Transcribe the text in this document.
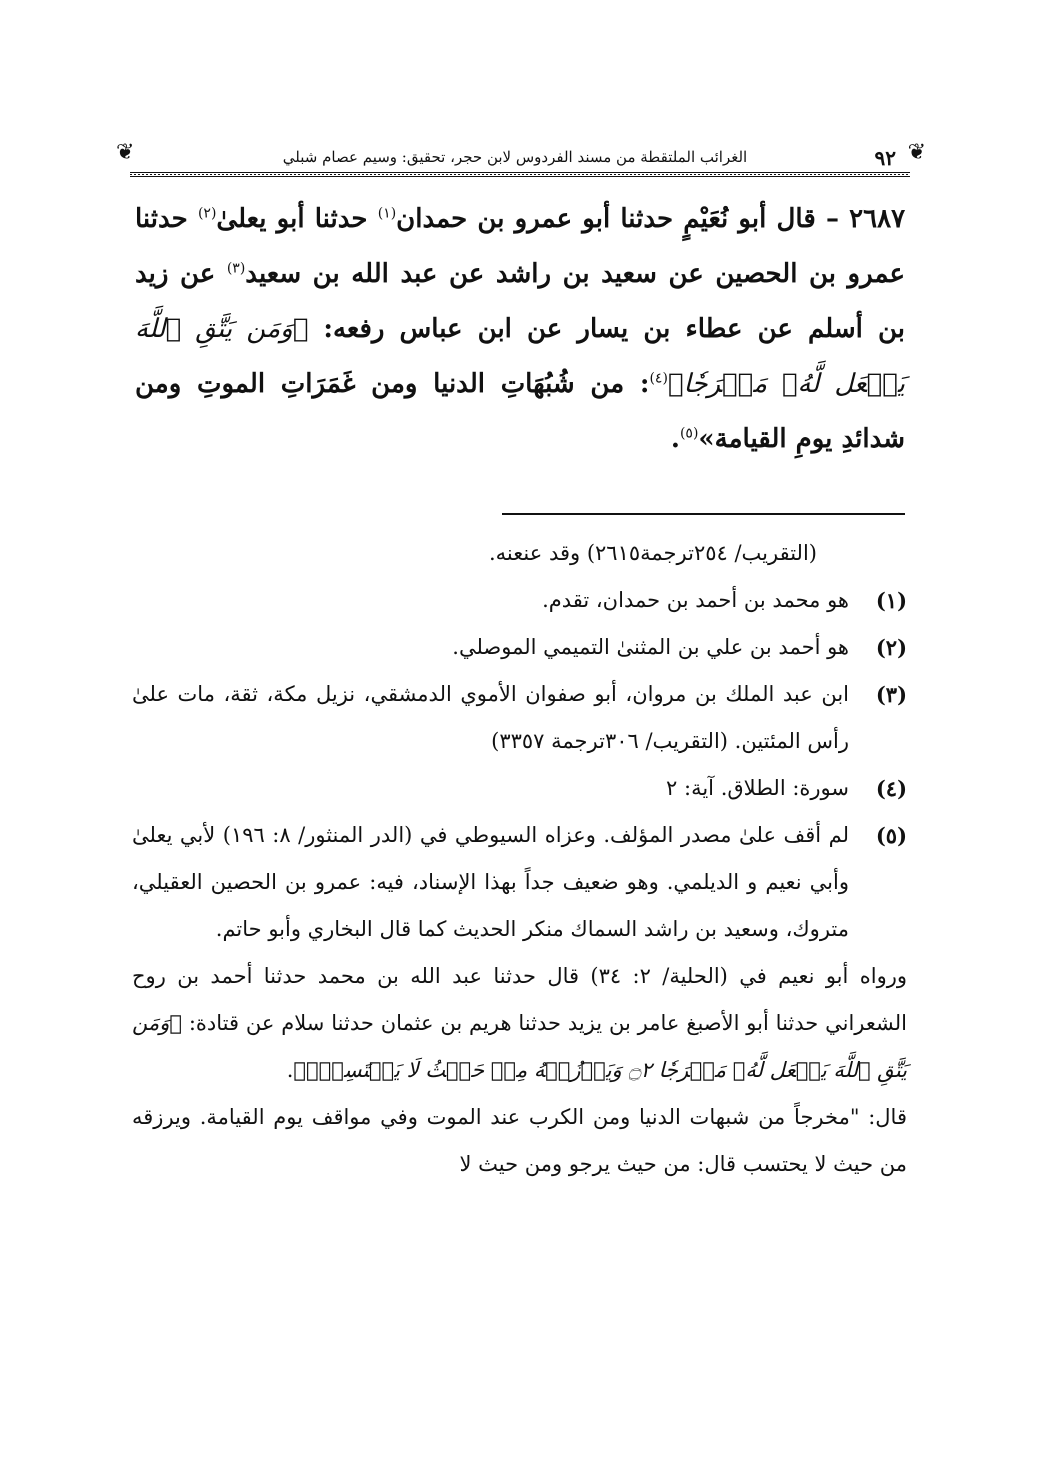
❦
٩٢
الغرائب الملتقطة من مسند الفردوس لابن حجر، تحقيق: وسيم عصام شبلي
❦

٢٦٨٧ – قال أبو نُعَيْمٍ حدثنا أبو عمرو بن حمدان$^{(١)}$ حدثنا أبو يعلىٰ$^{(٢)}$ حدثنا عمرو بن الحصين عن سعيد بن راشد عن عبد الله بن سعيد$^{(٣)}$ عن زيد بن أسلم عن عطاء بن يسار عن ابن عباس رفعه: ﴿وَمَن يَتَّقِ ٱللَّهَ يَجۡعَل لَّهُۥ مَخۡرَجٗا﴾$^{(٤)}$: من شُبُهَاتِ الدنيا ومن غَمَرَاتِ الموتِ ومن شدائدِ يومِ القيامة»$^{(٥)}$.

(التقريب/ ٢٥٤ترجمة٢٦١٥) وقد عنعنه.

(١)
هو محمد بن أحمد بن حمدان، تقدم.
(٢)
هو أحمد بن علي بن المثنىٰ التميمي الموصلي.
(٣)
ابن عبد الملك بن مروان، أبو صفوان الأموي الدمشقي، نزيل مكة، ثقة، مات علىٰ رأس المئتين. (التقريب/ ٣٠٦ترجمة ٣٣٥٧)
(٤)
سورة: الطلاق. آية: ٢
(٥)
لم أقف علىٰ مصدر المؤلف. وعزاه السيوطي في (الدر المنثور/ ٨: ١٩٦) لأبي يعلىٰ وأبي نعيم و الديلمي. وهو ضعيف جداً بهذا الإسناد، فيه: عمرو بن الحصين العقيلي، متروك، وسعيد بن راشد السماك منكر الحديث كما قال البخاري وأبو حاتم.

ورواه أبو نعيم في (الحلية/ ٢: ٣٤) قال حدثنا عبد الله بن محمد حدثنا أحمد بن روح الشعراني حدثنا أبو الأصبغ عامر بن يزيد حدثنا هريم بن عثمان حدثنا سلام عن قتادة: ﴿وَمَن يَتَّقِ ٱللَّهَ يَجۡعَل لَّهُۥ مَخۡرَجٗا ۝٢ وَيَرۡزُقۡهُ مِنۡ حَيۡثُ لَا يَحۡتَسِبُۚ﴾.

قال: "مخرجاً من شبهات الدنيا ومن الكرب عند الموت وفي مواقف يوم القيامة. ويرزقه من حيث لا يحتسب قال: من حيث يرجو ومن حيث لا
